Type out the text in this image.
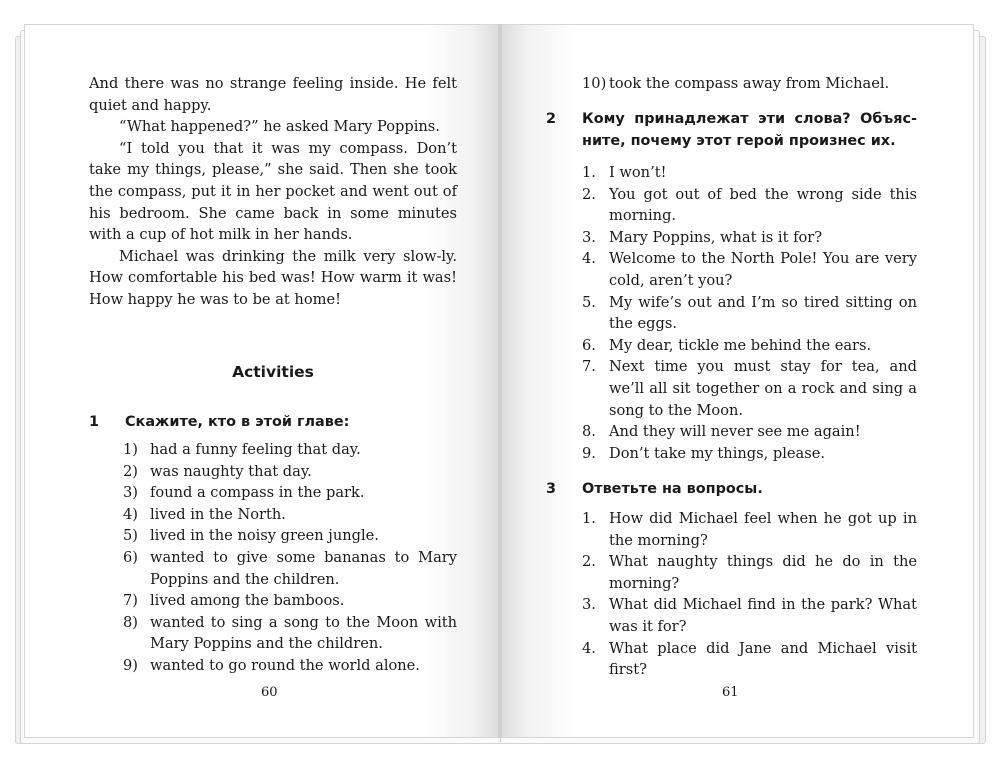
And there was no strange feeling inside. He felt quiet and happy.

“What happened?” he asked Mary Poppins.

“I told you that it was my compass. Don’t take my things, please,” she said. Then she took the compass, put it in her pocket and went out of his bedroom. She came back in some minutes with a cup of hot milk in her hands.

Michael was drinking the milk very slow-ly. How comfortable his bed was! How warm it was! How happy he was to be at home!

Activities
1	Скажите, кто в этой главе:
1) had a funny feeling that day.
2) was naughty that day.
3) found a compass in the park.
4) lived in the North.
5) lived in the noisy green jungle.
6) wanted to give some bananas to Mary Poppins and the children.
7) lived among the bamboos.
8) wanted to sing a song to the Moon with Mary Poppins and the children.
9) wanted to go round the world alone.
60
10) took the compass away from Michael.
2	Кому принадлежат эти слова? Объяс-ните, почему этот герой произнес их.
1. I won’t!
2. You got out of bed the wrong side this morning.
3. Mary Poppins, what is it for?
4. Welcome to the North Pole! You are very cold, aren’t you?
5. My wife’s out and I’m so tired sitting on the eggs.
6. My dear, tickle me behind the ears.
7. Next time you must stay for tea, and we’ll all sit together on a rock and sing a song to the Moon.
8. And they will never see me again!
9. Don’t take my things, please.
3	Ответьте на вопросы.
1. How did Michael feel when he got up in the morning?
2. What naughty things did he do in the morning?
3. What did Michael find in the park? What was it for?
4. What place did Jane and Michael visit first?
61
